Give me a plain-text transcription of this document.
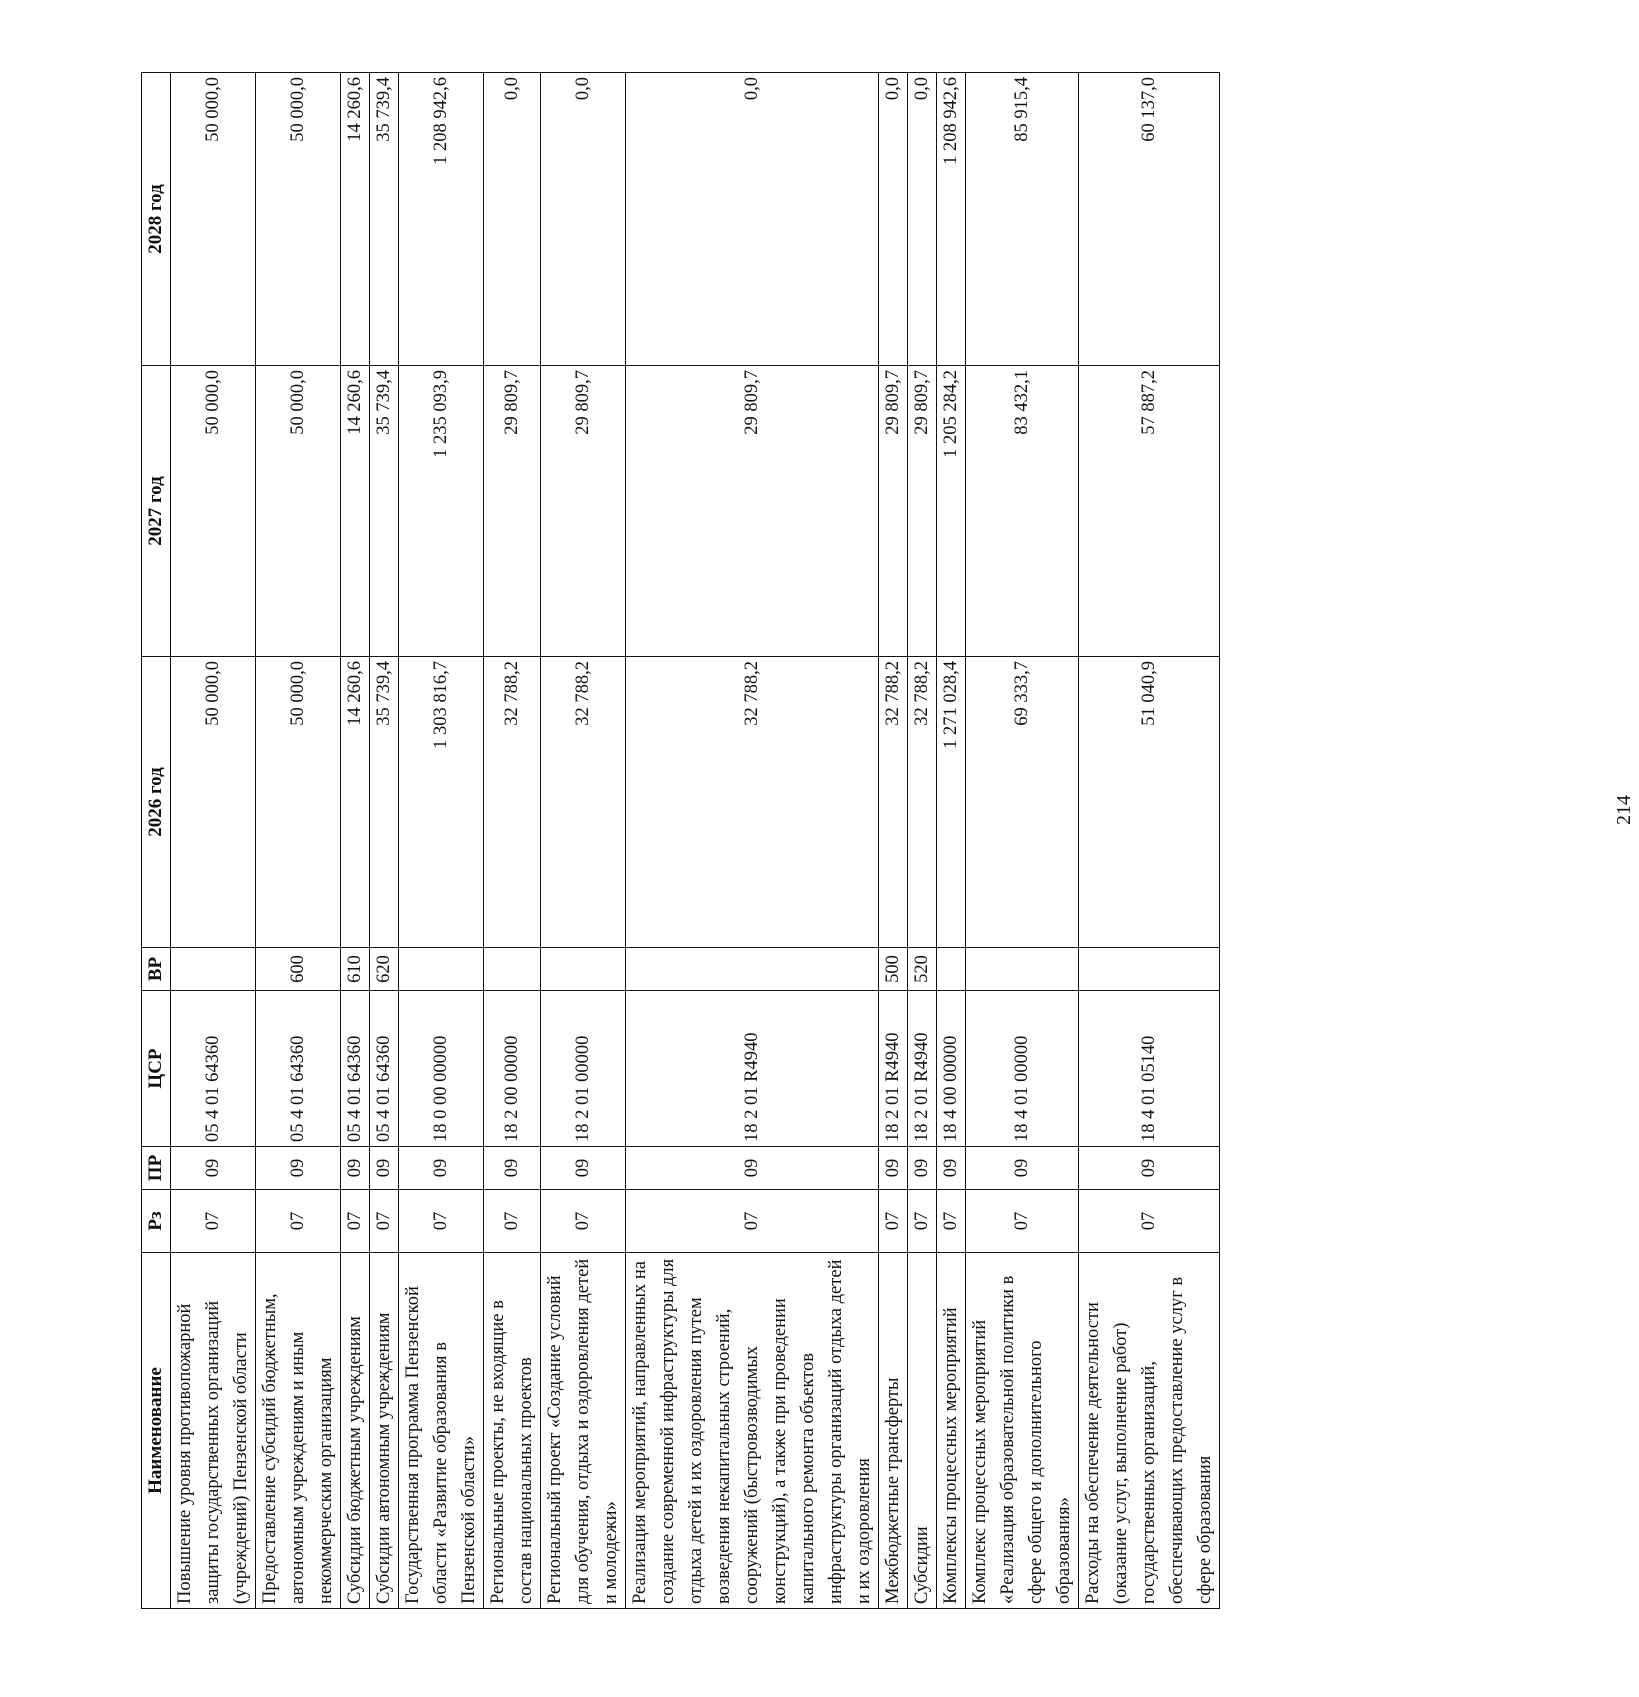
214
Наименование	Рз	ПР	ЦСР	ВР	2026 год	2027 год	2028 год
Повышение уровня противопожарной защиты государственных организаций (учреждений) Пензенской области	07	09	05 4 01 64360		50 000,0	50 000,0	50 000,0
Предоставление субсидий бюджетным, автономным учреждениям и иным некоммерческим организациям	07	09	05 4 01 64360	600	50 000,0	50 000,0	50 000,0
Субсидии бюджетным учреждениям	07	09	05 4 01 64360	610	14 260,6	14 260,6	14 260,6
Субсидии автономным учреждениям	07	09	05 4 01 64360	620	35 739,4	35 739,4	35 739,4
Государственная программа Пензенской области «Развитие образования в Пензенской области»	07	09	18 0 00 00000		1 303 816,7	1 235 093,9	1 208 942,6
Региональные проекты, не входящие в состав национальных проектов	07	09	18 2 00 00000		32 788,2	29 809,7	0,0
Региональный проект «Создание условий для обучения, отдыха и оздоровления детей и молодежи»	07	09	18 2 01 00000		32 788,2	29 809,7	0,0
Реализация мероприятий, направленных на создание современной инфраструктуры для отдыха детей и их оздоровления путем возведения некапитальных строений, сооружений (быстровозводимых конструкций), а также при проведении капитального ремонта объектов инфраструктуры организаций отдыха детей и их оздоровления	07	09	18 2 01 R4940		32 788,2	29 809,7	0,0
Межбюджетные трансферты	07	09	18 2 01 R4940	500	32 788,2	29 809,7	0,0
Субсидии	07	09	18 2 01 R4940	520	32 788,2	29 809,7	0,0
Комплексы процессных мероприятий	07	09	18 4 00 00000		1 271 028,4	1 205 284,2	1 208 942,6
Комплекс процессных мероприятий «Реализация образовательной политики в сфере общего и дополнительного образования»	07	09	18 4 01 00000		69 333,7	83 432,1	85 915,4
Расходы на обеспечение деятельности (оказание услуг, выполнение работ) государственных организаций, обеспечивающих предоставление услуг в сфере образования	07	09	18 4 01 05140		51 040,9	57 887,2	60 137,0
